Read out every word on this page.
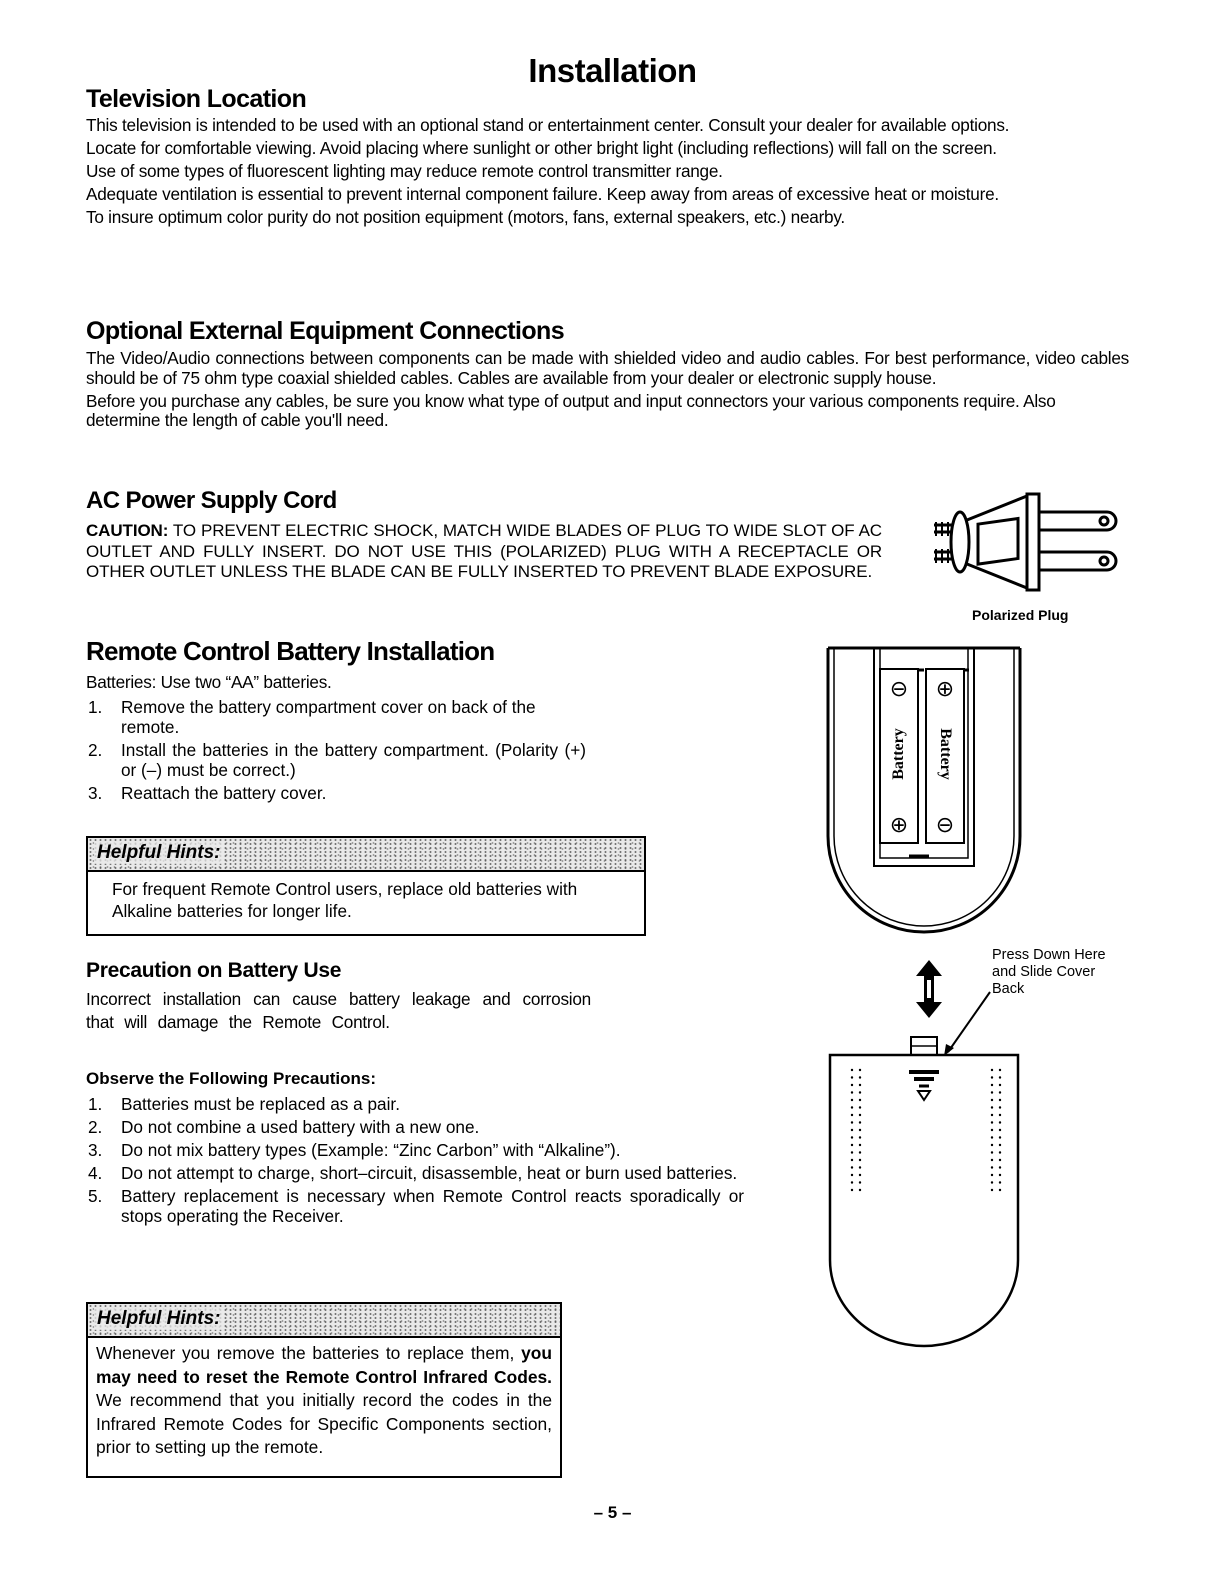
Installation
Television Location

This television is intended to be used with an optional stand or entertainment center. Consult your dealer for available options.

Locate for comfortable viewing. Avoid placing where sunlight or other bright light (including reflections) will fall on the screen.

Use of some types of fluorescent lighting may reduce remote control transmitter range.

Adequate ventilation is essential to prevent internal component failure. Keep away from areas of excessive heat or moisture.

To insure optimum color purity do not position equipment (motors, fans, external speakers, etc.) nearby.

Optional External Equipment Connections

The Video/Audio connections between components can be made with shielded video and audio cables. For best performance, video cables should be of 75 ohm type coaxial shielded cables. Cables are available from your dealer or electronic supply house.

Before you purchase any cables, be sure you know what type of output and input connectors your various components require. Also determine the length of cable you'll need.

AC Power Supply Cord

CAUTION: TO PREVENT ELECTRIC SHOCK, MATCH WIDE BLADES OF PLUG TO WIDE SLOT OF AC OUTLET AND FULLY INSERT. DO NOT USE THIS (POLARIZED) PLUG WITH A RECEPTACLE OR OTHER OUTLET UNLESS THE BLADE CAN BE FULLY INSERTED TO PREVENT BLADE EXPOSURE.

Polarized Plug
Remote Control Battery Installation

Batteries: Use two “AA” batteries.

1. Remove the battery compartment cover on back of the remote.
2. Install the batteries in the battery compartment. (Polarity (+) or (–) must be correct.)
3. Reattach the battery cover.
Helpful Hints:
For frequent Remote Control users, replace old batteries with Alkaline batteries for longer life.
Precaution on Battery Use

Incorrect installation can cause battery leakage and corrosion that will damage the Remote Control.

Observe the Following Precautions:
1. Batteries must be replaced as a pair.
2. Do not combine a used battery with a new one.
3. Do not mix battery types (Example: “Zinc Carbon” with “Alkaline”).
4. Do not attempt to charge, short–circuit, disassemble, heat or burn used batteries.
5. Battery replacement is necessary when Remote Control reacts sporadically or stops operating the Receiver.
Helpful Hints:
Whenever you remove the batteries to replace them, you may need to reset the Remote Control Infrared Codes. We recommend that you initially record the codes in the Infrared Remote Codes for Specific Components section, prior to setting up the remote.
⊖
Battery
⊕
⊕
Battery
⊖
Press Down Here and Slide Cover Back
– 5 –
